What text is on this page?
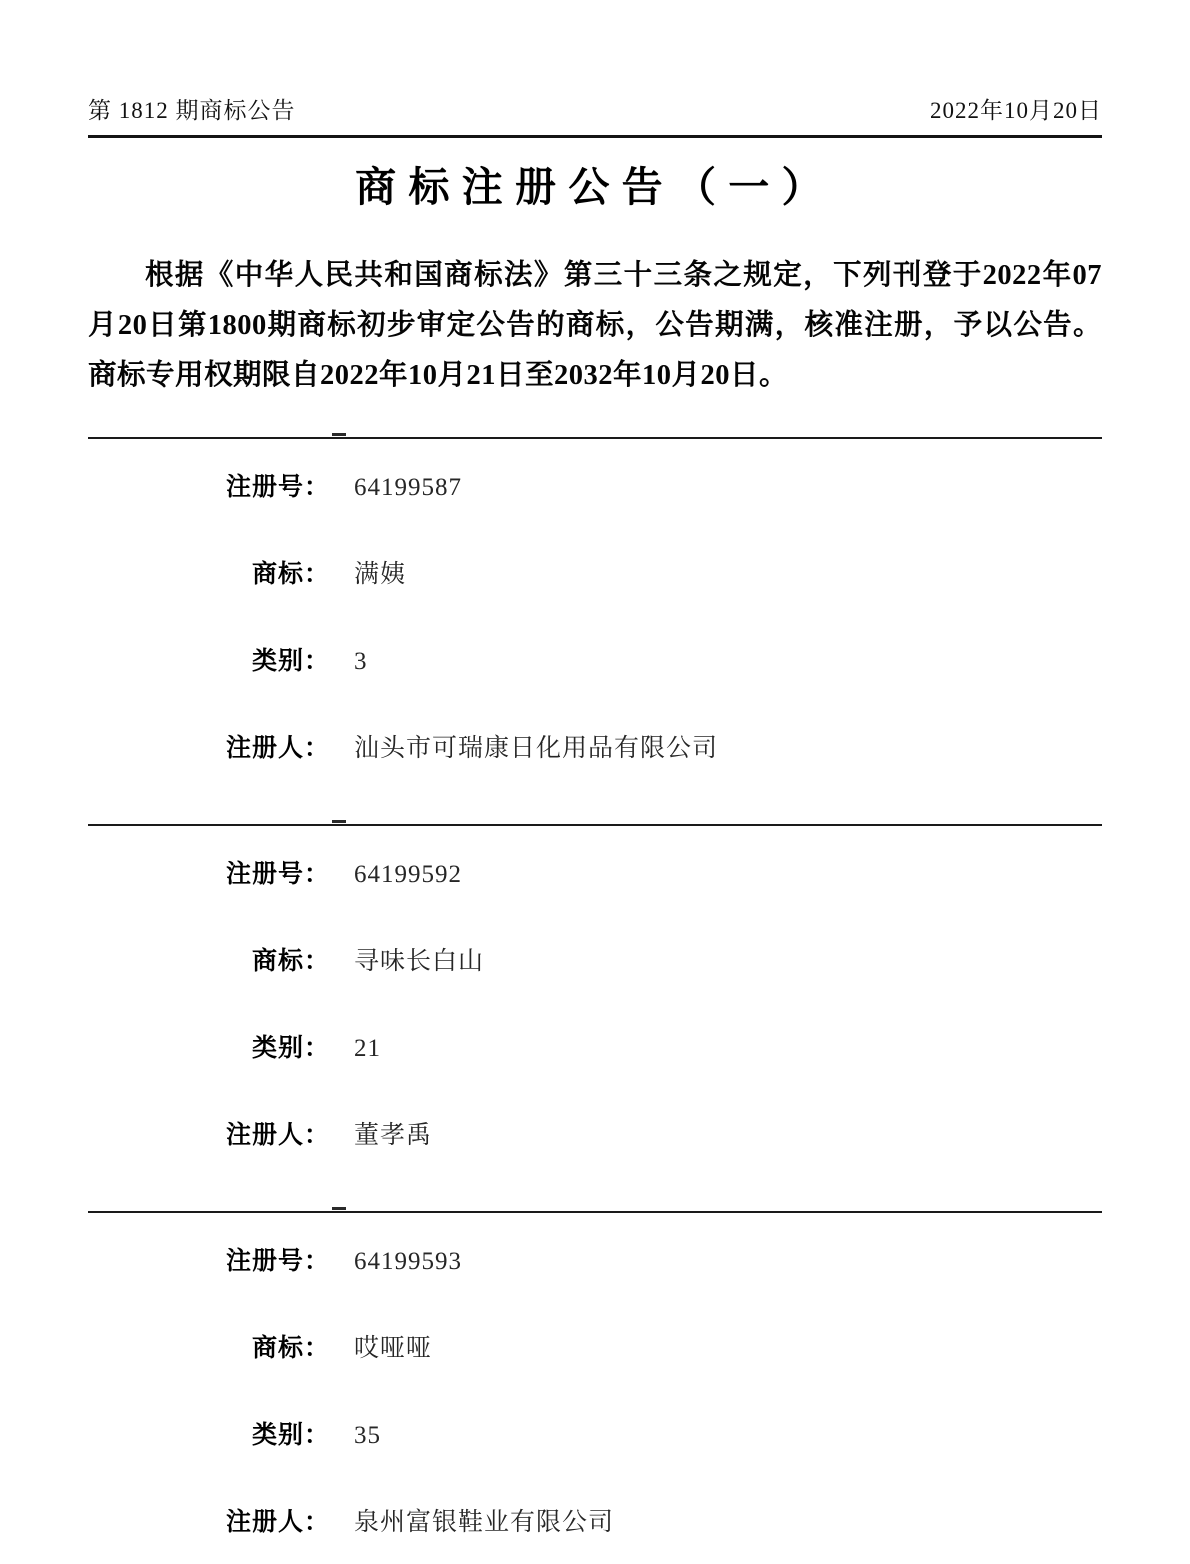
第 1812 期商标公告	2022年10月20日
商标注册公告（一）

根据《中华人民共和国商标法》第三十三条之规定，下列刊登于2022年07月20日第1800期商标初步审定公告的商标，公告期满，核准注册，予以公告。商标专用权期限自2022年10月21日至2032年10月20日。

注册号： 64199587
商标： 满姨
类别： 3
注册人： 汕头市可瑞康日化用品有限公司
注册号： 64199592
商标： 寻味长白山
类别： 21
注册人： 董孝禹
注册号： 64199593
商标： 哎哑哑
类别： 35
注册人： 泉州富银鞋业有限公司
